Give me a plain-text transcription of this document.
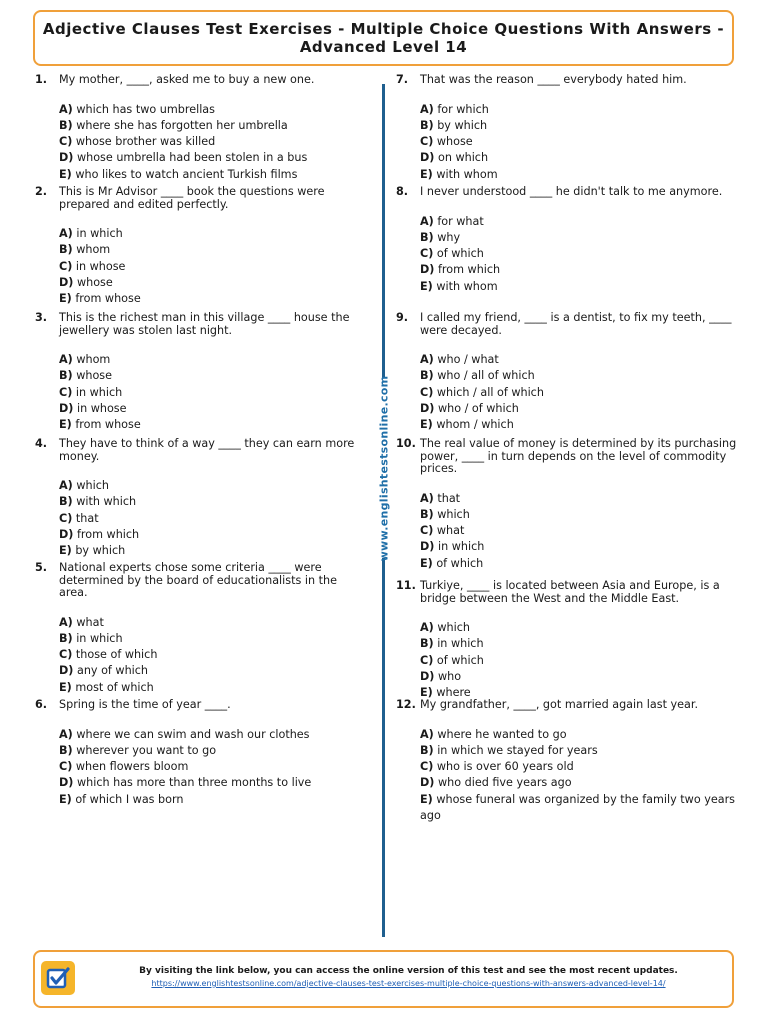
Adjective Clauses Test Exercises - Multiple Choice Questions With Answers -
Advanced Level 14
www.englishtestsonline.com
1.	My mother, ____, asked me to buy a new one.
A) which has two umbrellas
B) where she has forgotten her umbrella
C) whose brother was killed
D) whose umbrella had been stolen in a bus
E) who likes to watch ancient Turkish films
2.	This is Mr Advisor ____ book the questions were prepared and edited perfectly.
A) in which
B) whom
C) in whose
D) whose
E) from whose
3.	This is the richest man in this village ____ house the jewellery was stolen last night.
A) whom
B) whose
C) in which
D) in whose
E) from whose
4.	They have to think of a way ____ they can earn more money.
A) which
B) with which
C) that
D) from which
E) by which
5.	National experts chose some criteria ____ were determined by the board of educationalists in the area.
A) what
B) in which
C) those of which
D) any of which
E) most of which
6.	Spring is the time of year ____.
A) where we can swim and wash our clothes
B) wherever you want to go
C) when flowers bloom
D) which has more than three months to live
E) of which I was born
7.	That was the reason ____ everybody hated him.
A) for which
B) by which
C) whose
D) on which
E) with whom
8.	I never understood ____ he didn't talk to me anymore.
A) for what
B) why
C) of which
D) from which
E) with whom
9.	I called my friend, ____ is a dentist, to fix my teeth, ____ were decayed.
A) who / what
B) who / all of which
C) which / all of which
D) who / of which
E) whom / which
10. The real value of money is determined by its purchasing power, ____ in turn depends on the level of commodity prices.
A) that
B) which
C) what
D) in which
E) of which
11. Turkiye, ____ is located between Asia and Europe, is a bridge between the West and the Middle East.
A) which
B) in which
C) of which
D) who
E) where
12. My grandfather, ____, got married again last year.
A) where he wanted to go
B) in which we stayed for years
C) who is over 60 years old
D) who died five years ago
E) whose funeral was organized by the family two years ago
By visiting the link below, you can access the online version of this test and see the most recent updates.
https://www.englishtestsonline.com/adjective-clauses-test-exercises-multiple-choice-questions-with-answers-advanced-level-14/
